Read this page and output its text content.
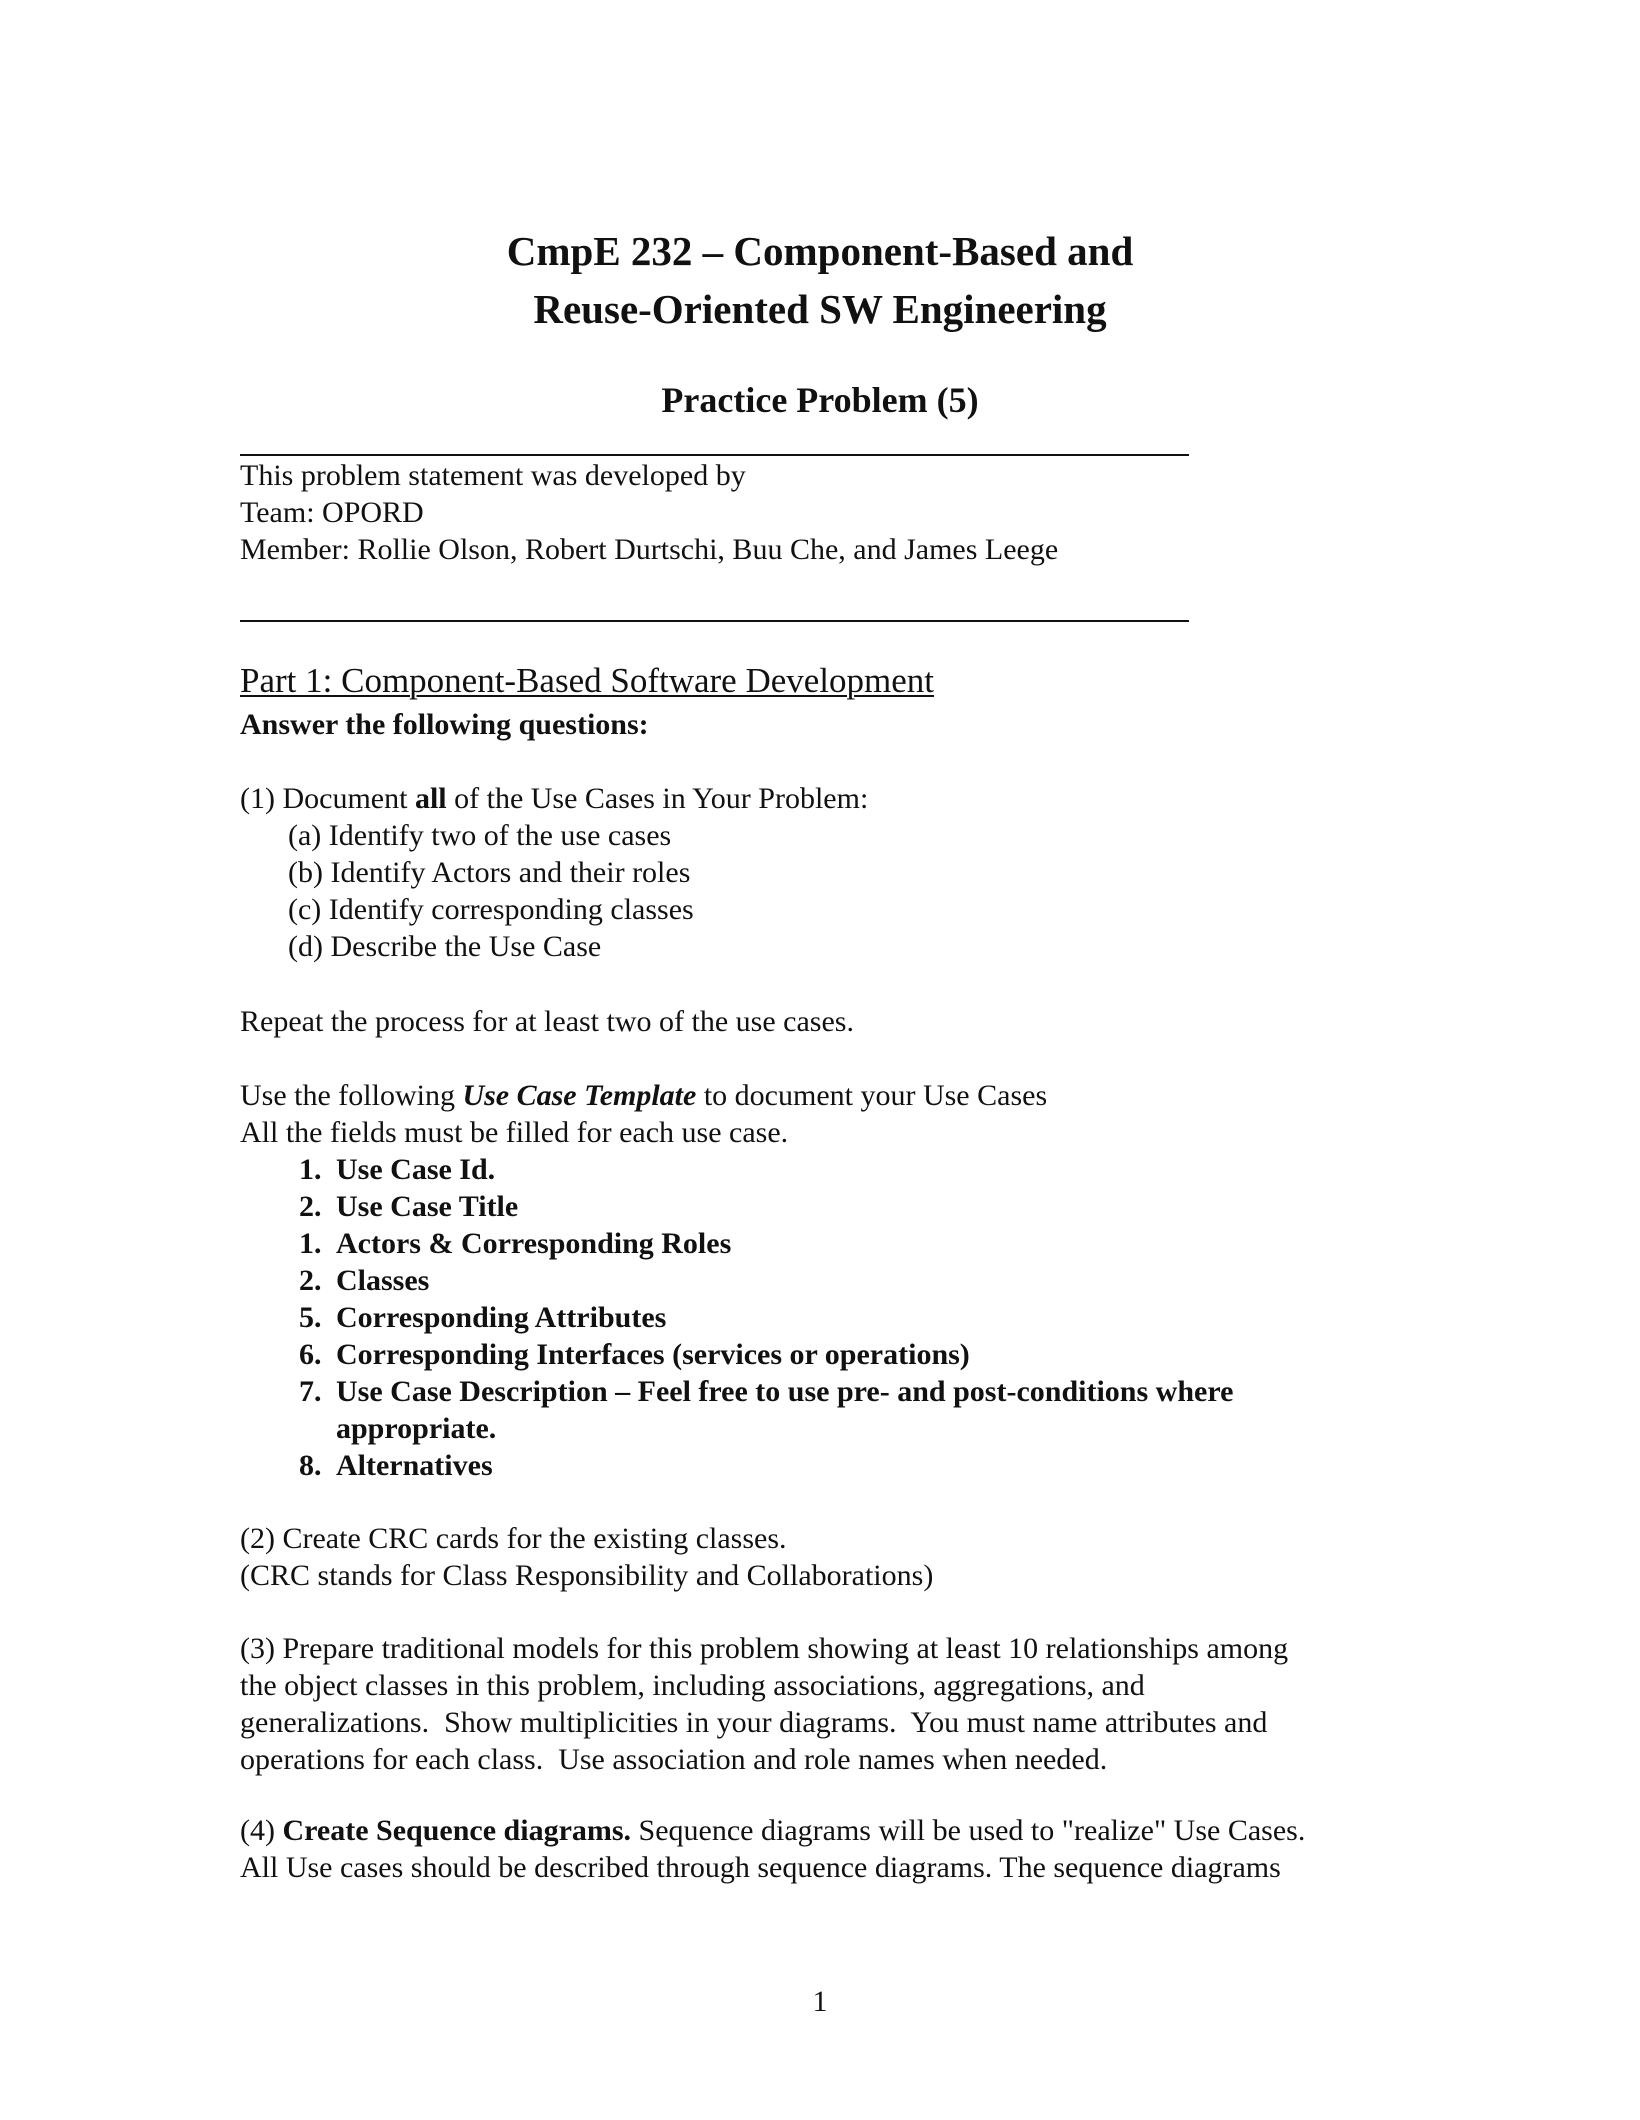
CmpE 232 – Component-Based and
Reuse-Oriented SW Engineering
Practice Problem (5)
This problem statement was developed by
Team: OPORD
Member: Rollie Olson, Robert Durtschi, Buu Che, and James Leege
Part 1: Component-Based Software Development
Answer the following questions:
(1) Document all of the Use Cases in Your Problem:
(a) Identify two of the use cases
(b) Identify Actors and their roles
(c) Identify corresponding classes
(d) Describe the Use Case
Repeat the process for at least two of the use cases.
Use the following Use Case Template to document your Use Cases
All the fields must be filled for each use case.
1. Use Case Id.
2. Use Case Title
1. Actors & Corresponding Roles
2. Classes
5. Corresponding Attributes
6. Corresponding Interfaces (services or operations)
7. Use Case Description – Feel free to use pre- and post-conditions where appropriate.
8. Alternatives
(2) Create CRC cards for the existing classes.
(CRC stands for Class Responsibility and Collaborations)
(3) Prepare traditional models for this problem showing at least 10 relationships among
the object classes in this problem, including associations, aggregations, and
generalizations.  Show multiplicities in your diagrams.  You must name attributes and
operations for each class.  Use association and role names when needed.
(4) Create Sequence diagrams. Sequence diagrams will be used to "realize" Use Cases.
All Use cases should be described through sequence diagrams. The sequence diagrams
1
